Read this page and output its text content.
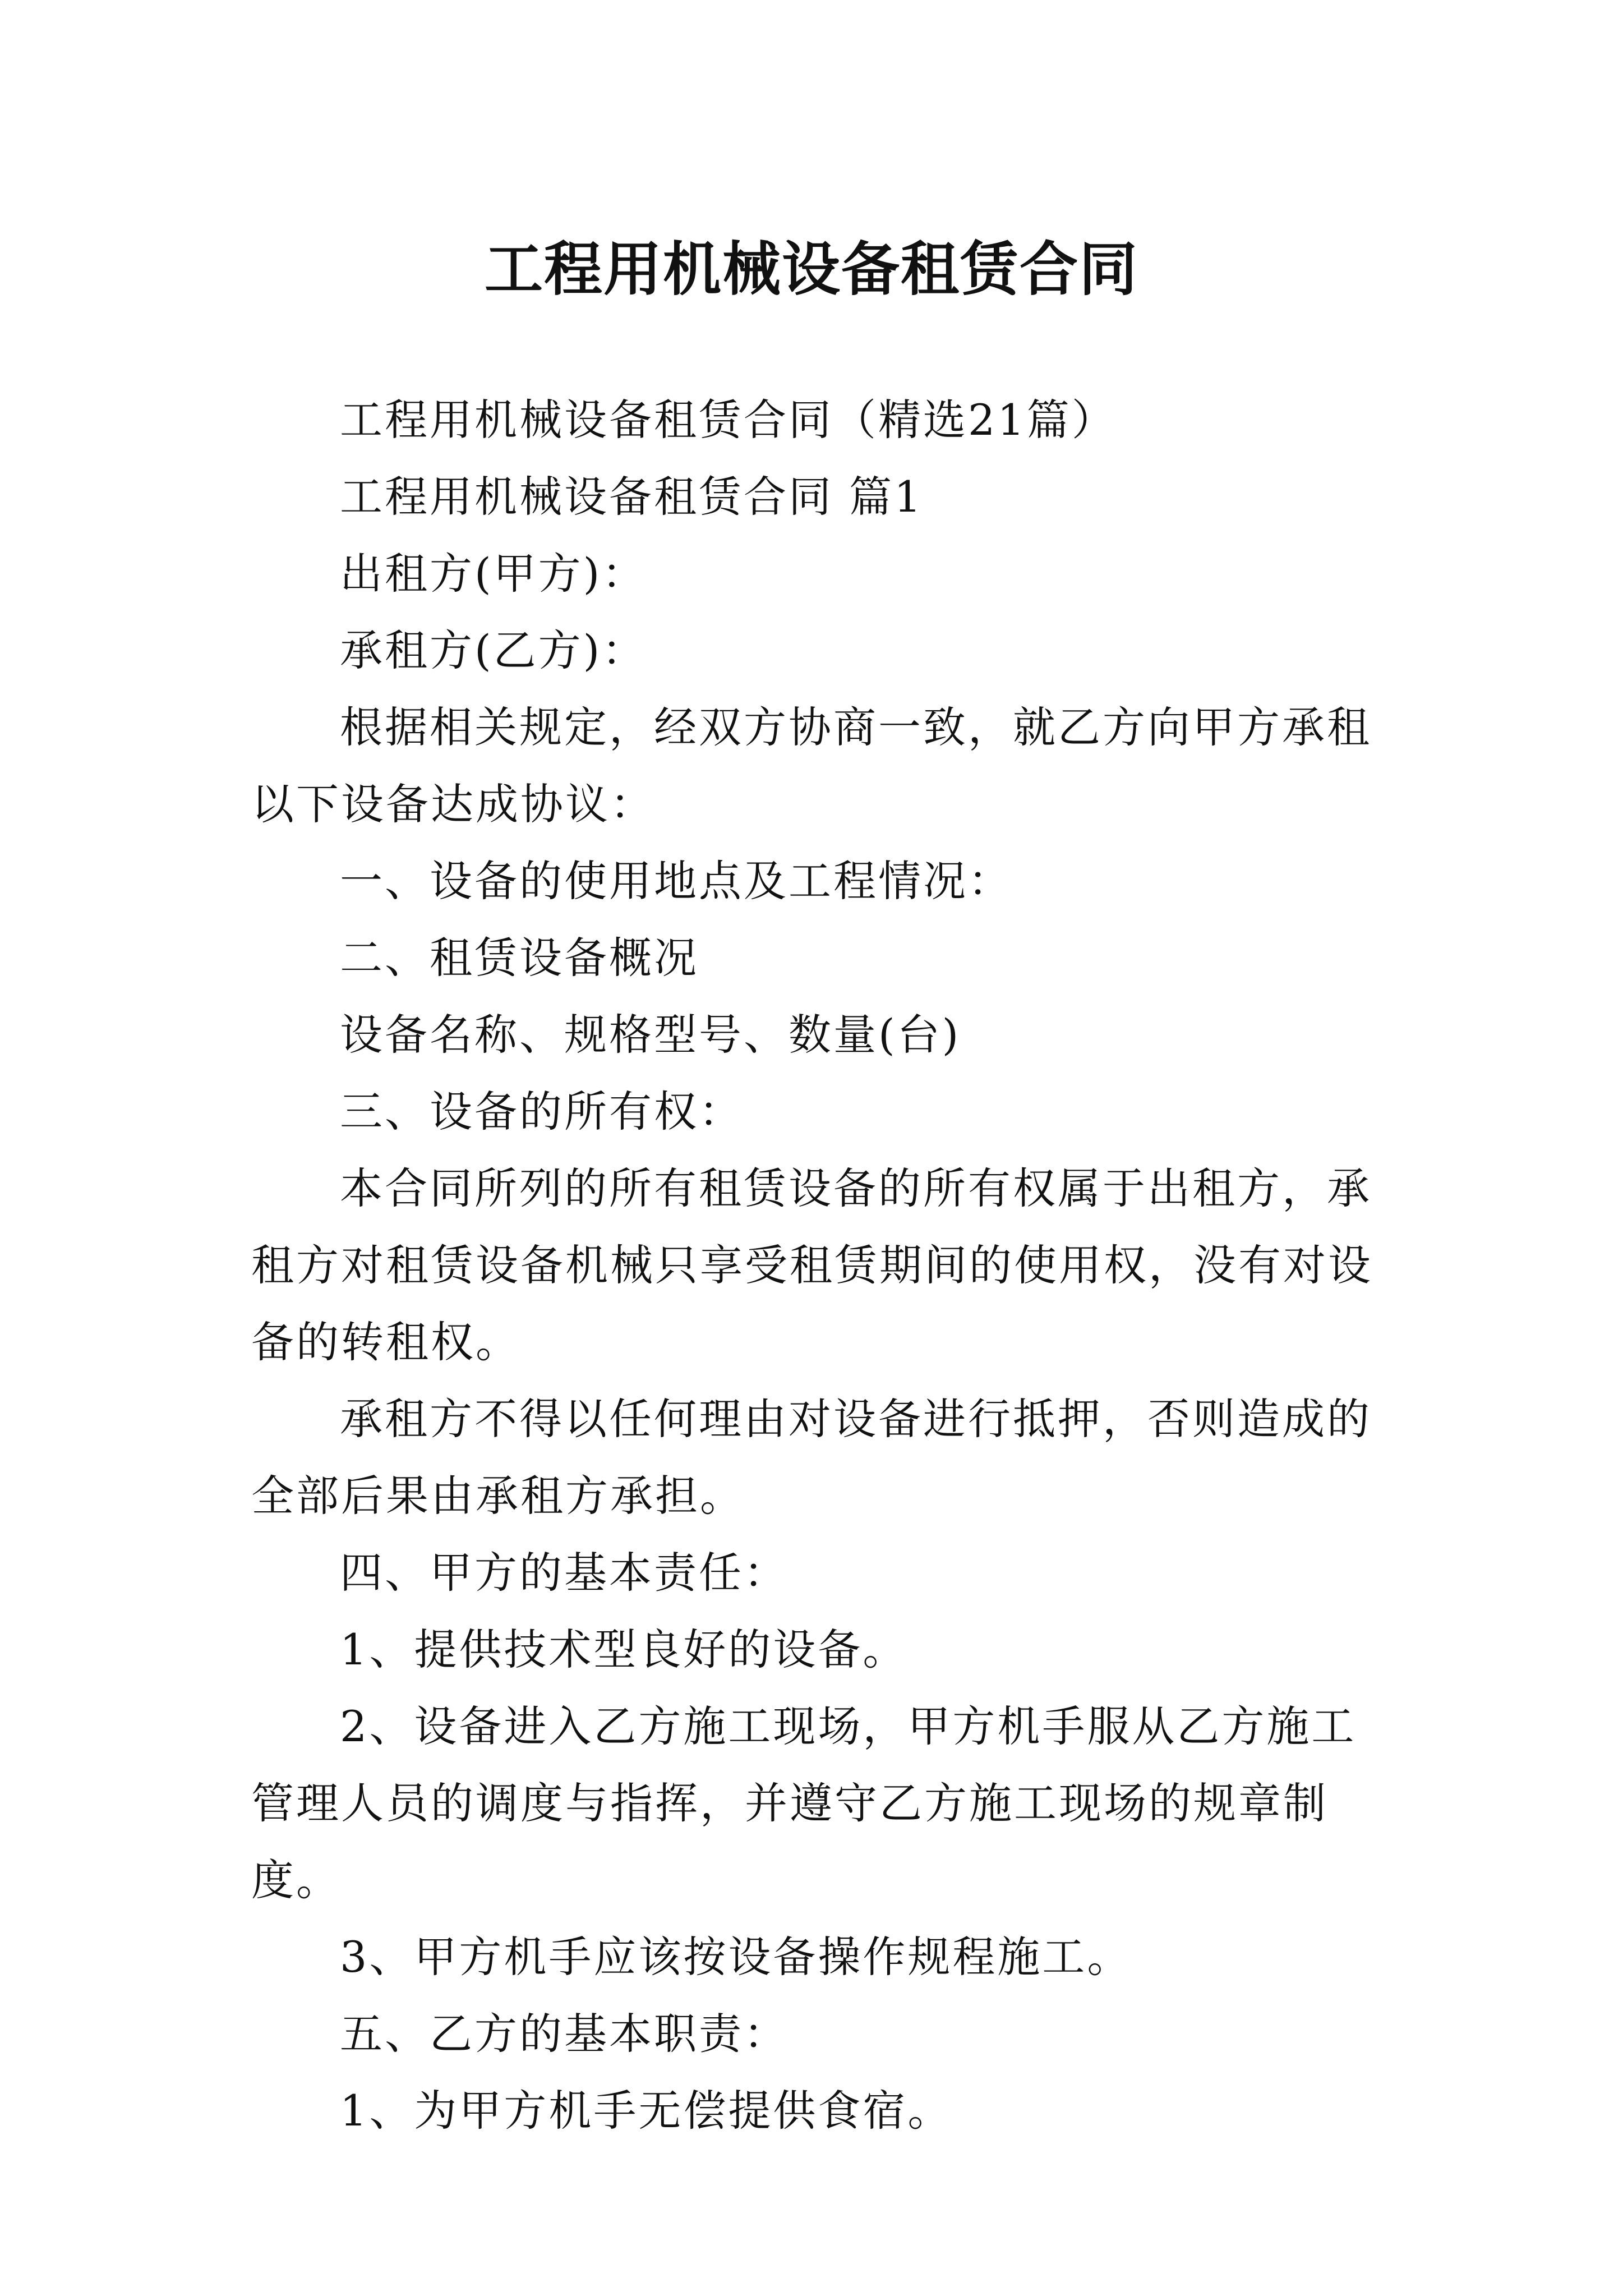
工程用机械设备租赁合同

工程用机械设备租赁合同（精选21篇）

工程用机械设备租赁合同 篇1

出租方(甲方)：

承租方(乙方)：

根据相关规定，经双方协商一致，就乙方向甲方承租以下设备达成协议：

一、设备的使用地点及工程情况：

二、租赁设备概况

设备名称、规格型号、数量(台)

三、设备的所有权：

本合同所列的所有租赁设备的所有权属于出租方，承租方对租赁设备机械只享受租赁期间的使用权，没有对设备的转租权。

承租方不得以任何理由对设备进行抵押，否则造成的全部后果由承租方承担。

四、甲方的基本责任：

1、提供技术型良好的设备。

2、设备进入乙方施工现场，甲方机手服从乙方施工管理人员的调度与指挥，并遵守乙方施工现场的规章制度。

3、甲方机手应该按设备操作规程施工。

五、乙方的基本职责：

1、为甲方机手无偿提供食宿。
